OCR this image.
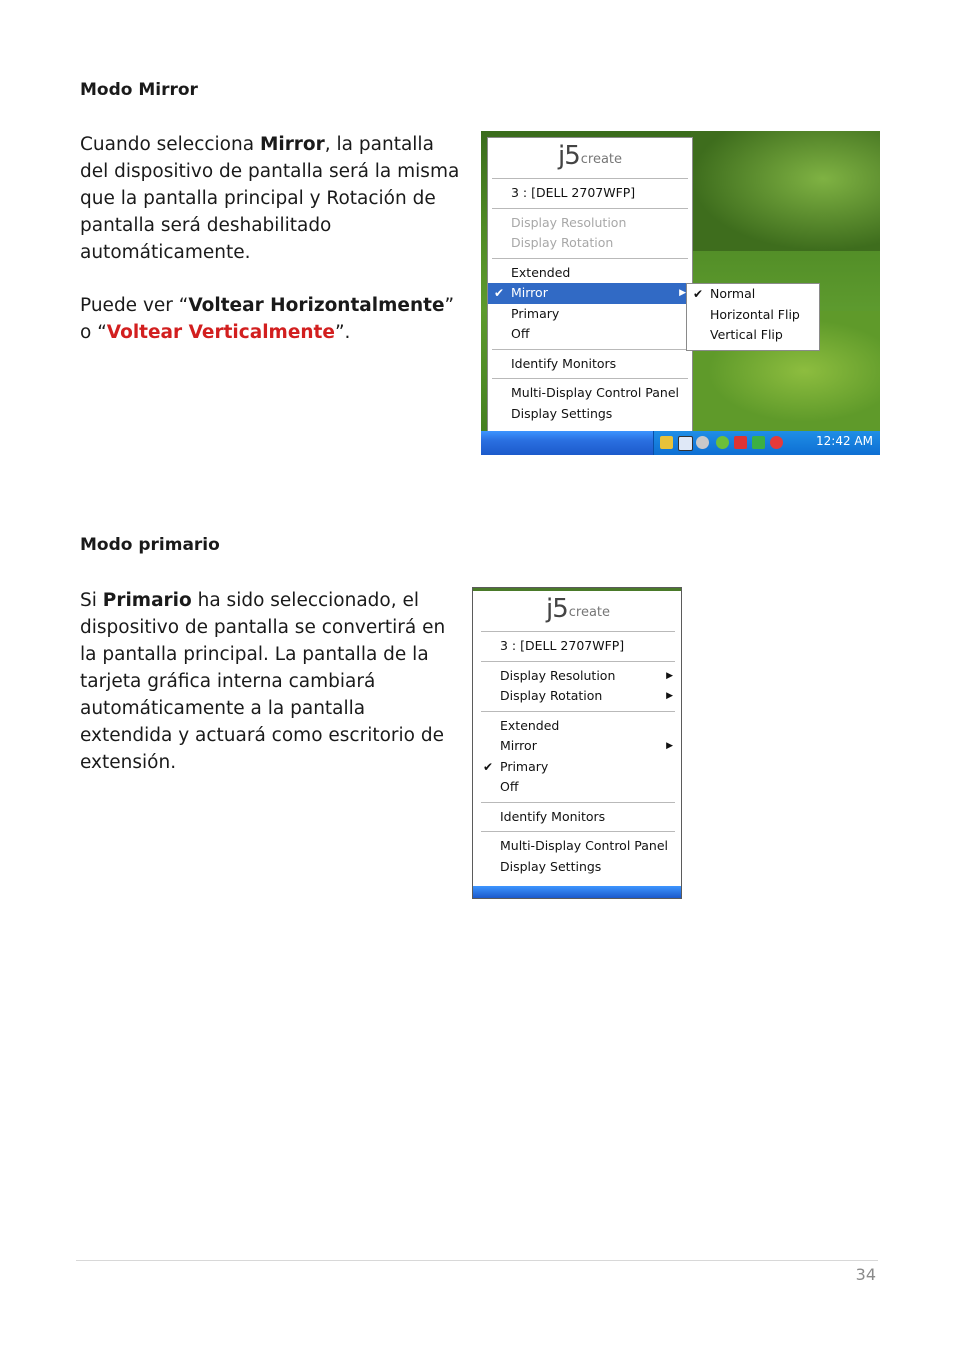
Modo Mirror
Cuando selecciona Mirror, la pantalla del dispositivo de pantalla será la misma que la pantalla principal y Rotación de pantalla será deshabilitado automáticamente.
Puede ver “Voltear Horizontalmente” o “Voltear Verticalmente”.
j5 create
3 : [DELL 2707WFP]
Display Resolution
Display Rotation
Extended
✔ Mirror	▶
Primary
Off
Identify Monitors
Multi-Display Control Panel
Display Settings
✔ Normal
Horizontal Flip
Vertical Flip
12:42 AM
Modo primario
Si Primario ha sido seleccionado, el dispositivo de pantalla se convertirá en la pantalla principal. La pantalla de la tarjeta gráfica interna cambiará automáticamente a la pantalla extendida y actuará como escritorio de extensión.
j5 create
3 : [DELL 2707WFP]
Display Resolution	▶
Display Rotation	▶
Extended
Mirror	▶
✔ Primary
Off
Identify Monitors
Multi-Display Control Panel
Display Settings
34
